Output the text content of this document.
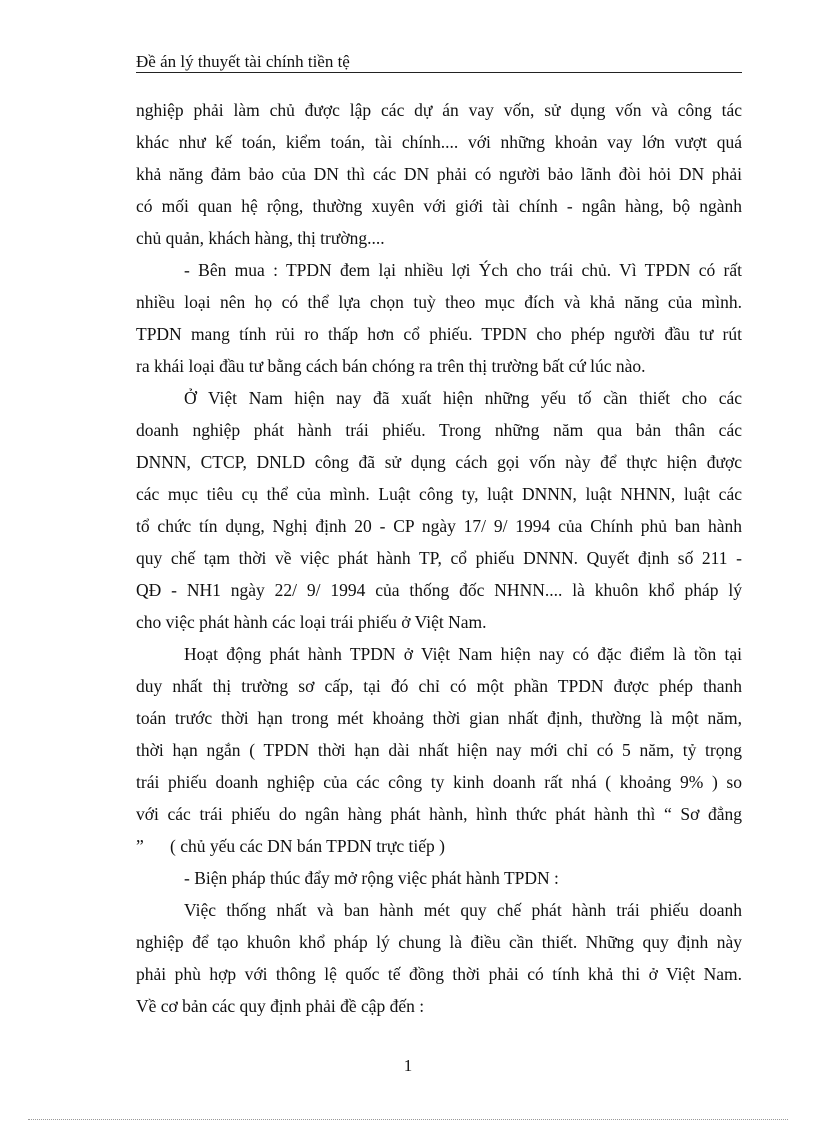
Đề án lý thuyết tài chính tiền tệ
nghiệp phải làm chủ được lập các dự án vay vốn, sử dụng vốn và công tác
khác như kế toán, kiểm toán, tài chính.... với những khoản vay lớn vượt quá
khả năng đảm bảo của DN thì các DN phải có người bảo lãnh đòi hỏi DN phải
có mối quan hệ rộng, thường xuyên với giới tài chính - ngân hàng, bộ ngành
chủ quản, khách hàng, thị trường....
- Bên mua : TPDN đem lại nhiều lợi Ých cho trái chủ. Vì TPDN có rất
nhiều loại nên họ có thể lựa chọn tuỳ theo mục đích và khả năng của mình.
TPDN mang tính rủi ro thấp hơn cổ phiếu. TPDN cho phép người đầu tư rút
ra khái loại đầu tư bằng cách bán chóng ra trên thị trường bất cứ lúc nào.
Ở Việt Nam hiện nay đã xuất hiện những yếu tố cần thiết cho các
doanh nghiệp phát hành trái phiếu. Trong những năm qua bản thân các
DNNN, CTCP, DNLD công đã sử dụng cách gọi vốn này để thực hiện được
các mục tiêu cụ thể của mình. Luật công ty, luật DNNN, luật NHNN, luật các
tổ chức tín dụng, Nghị định 20 - CP ngày 17/ 9/ 1994 của Chính phủ ban hành
quy chế tạm thời về việc phát hành TP, cổ phiếu DNNN. Quyết định số 211 -
QĐ - NH1 ngày 22/ 9/ 1994 của thống đốc NHNN.... là khuôn khổ pháp lý
cho việc phát hành các loại trái phiếu ở Việt Nam.
Hoạt động phát hành TPDN ở Việt Nam hiện nay có đặc điểm là tồn tại
duy nhất thị trường sơ cấp, tại đó chỉ có một phần TPDN được phép thanh
toán trước thời hạn trong mét khoảng thời gian nhất định, thường là một năm,
thời hạn ngắn ( TPDN thời hạn dài nhất hiện nay mới chỉ có 5 năm, tỷ trọng
trái phiếu doanh nghiệp của các công ty kinh doanh rất nhá ( khoảng 9% ) so
với các trái phiếu do ngân hàng phát hành, hình thức phát hành thì “ Sơ đẳng
”      ( chủ yếu các DN bán TPDN trực tiếp )
- Biện pháp thúc đẩy mở rộng việc phát hành TPDN :
Việc thống nhất và ban hành mét quy chế phát hành trái phiếu doanh
nghiệp để tạo khuôn khổ pháp lý chung là điều cần thiết. Những quy định này
phải phù hợp với thông lệ quốc tế đồng thời phải có tính khả thi ở Việt Nam.
Về cơ bản các quy định phải đề cập đến :
1
